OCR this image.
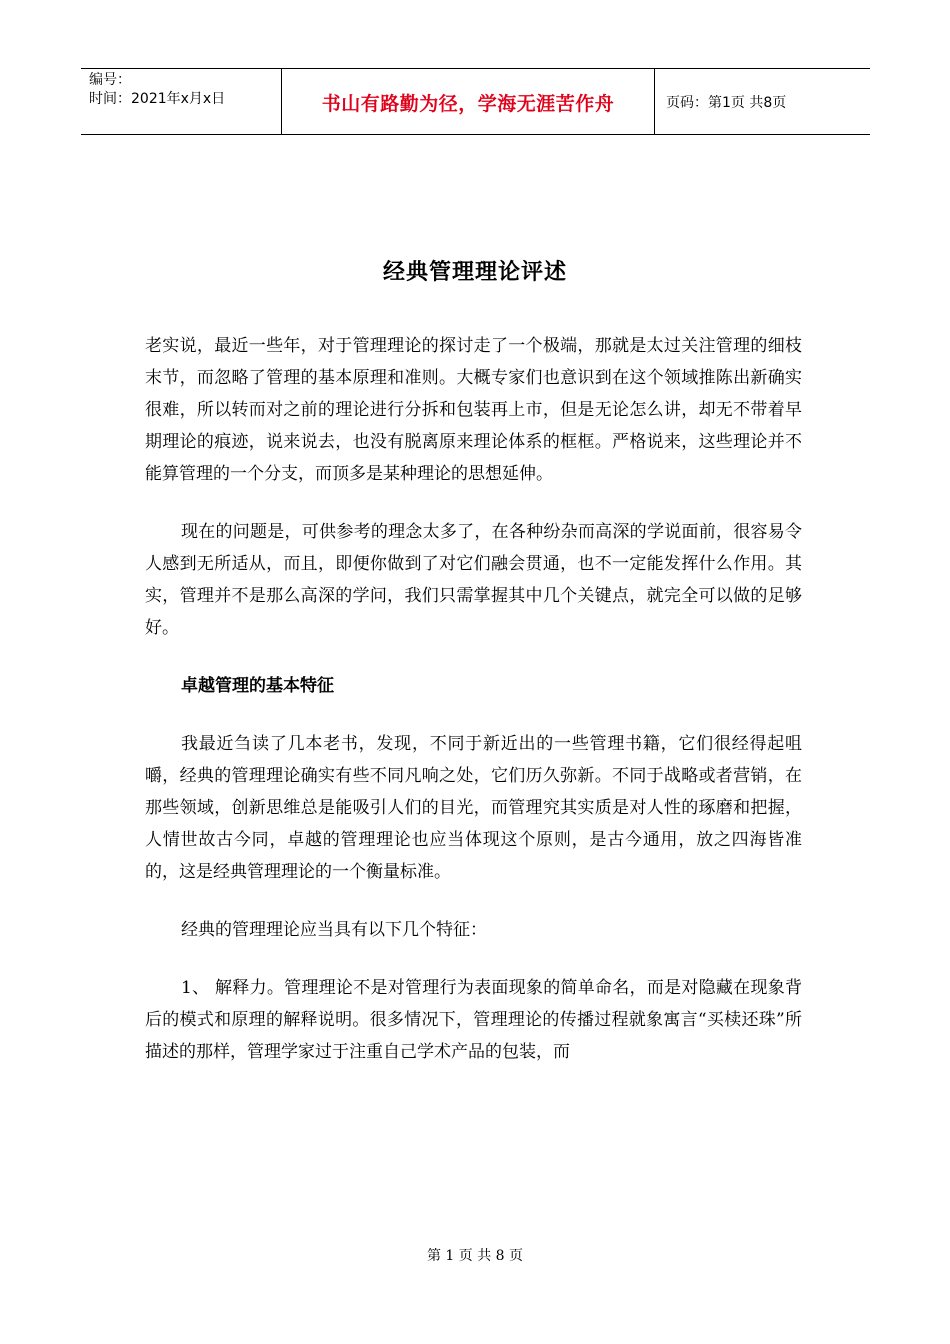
编号：
时间：2021年x月x日	书山有路勤为径，学海无涯苦作舟	页码：第1页 共8页
经典管理理论评述

老实说，最近一些年，对于管理理论的探讨走了一个极端，那就是太过关注管理的细枝末节，而忽略了管理的基本原理和准则。大概专家们也意识到在这个领域推陈出新确实很难，所以转而对之前的理论进行分拆和包装再上市，但是无论怎么讲，却无不带着早期理论的痕迹，说来说去，也没有脱离原来理论体系的框框。严格说来，这些理论并不能算管理的一个分支，而顶多是某种理论的思想延伸。

现在的问题是，可供参考的理念太多了，在各种纷杂而高深的学说面前，很容易令人感到无所适从，而且，即便你做到了对它们融会贯通，也不一定能发挥什么作用。其实，管理并不是那么高深的学问，我们只需掌握其中几个关键点，就完全可以做的足够好。

卓越管理的基本特征

我最近刍读了几本老书，发现，不同于新近出的一些管理书籍，它们很经得起咀嚼，经典的管理理论确实有些不同凡响之处，它们历久弥新。不同于战略或者营销，在那些领域，创新思维总是能吸引人们的目光，而管理究其实质是对人性的琢磨和把握，人情世故古今同，卓越的管理理论也应当体现这个原则，是古今通用，放之四海皆准的，这是经典管理理论的一个衡量标准。

经典的管理理论应当具有以下几个特征：

1、 解释力。管理理论不是对管理行为表面现象的简单命名，而是对隐藏在现象背后的模式和原理的解释说明。很多情况下，管理理论的传播过程就象寓言“买椟还珠”所描述的那样，管理学家过于注重自己学术产品的包装，而

第 1 页 共 8 页
